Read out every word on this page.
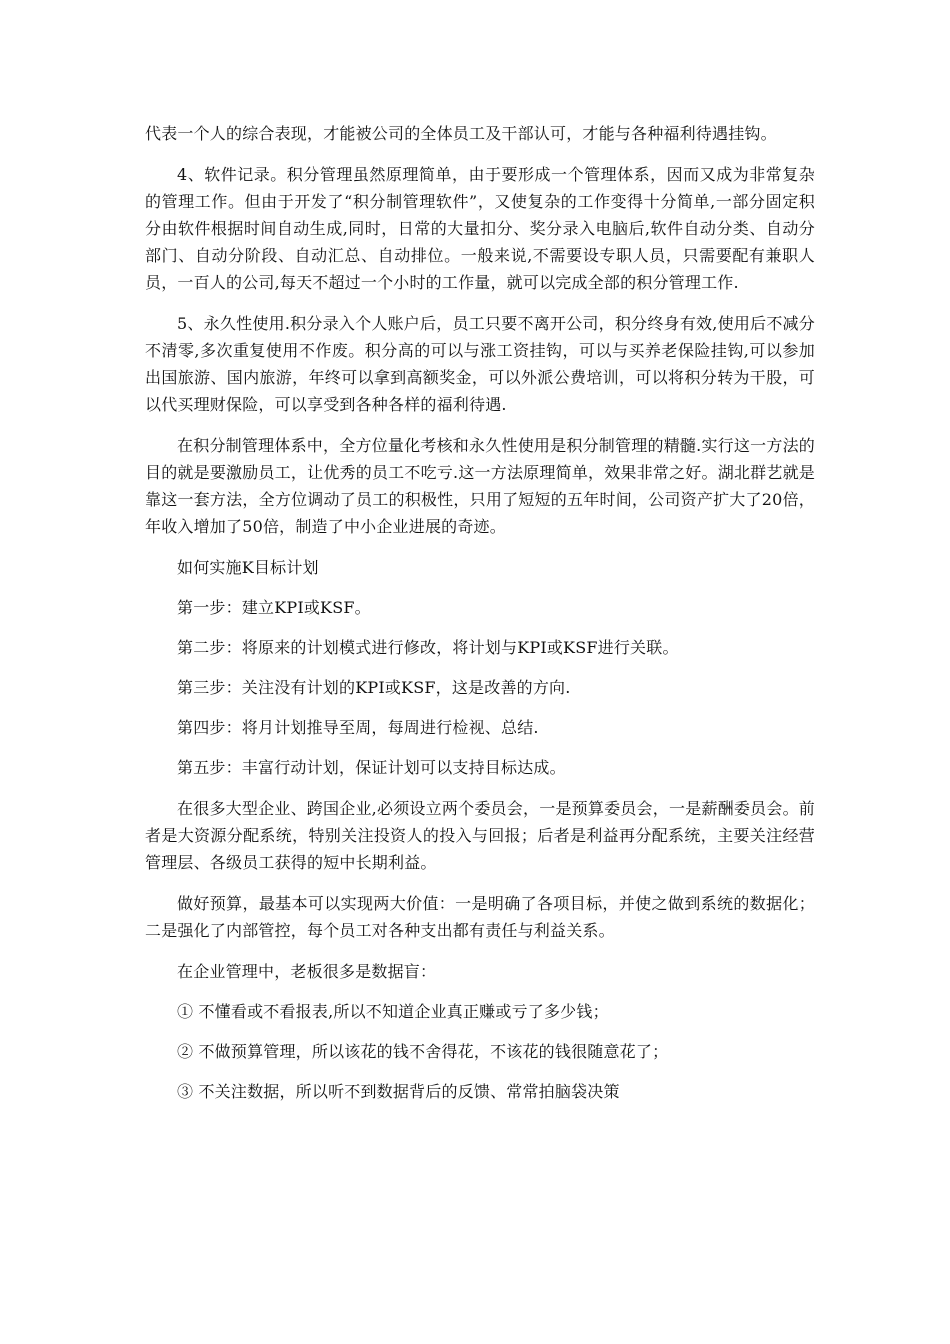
代表一个人的综合表现，才能被公司的全体员工及干部认可，才能与各种福利待遇挂钩。

4、软件记录。积分管理虽然原理简单，由于要形成一个管理体系，因而又成为非常复杂的管理工作。但由于开发了“积分制管理软件”，又使复杂的工作变得十分简单,一部分固定积分由软件根据时间自动生成,同时，日常的大量扣分、奖分录入电脑后,软件自动分类、自动分部门、自动分阶段、自动汇总、自动排位。一般来说,不需要设专职人员，只需要配有兼职人员，一百人的公司,每天不超过一个小时的工作量，就可以完成全部的积分管理工作.

5、永久性使用.积分录入个人账户后，员工只要不离开公司，积分终身有效,使用后不减分不清零,多次重复使用不作废。积分高的可以与涨工资挂钩，可以与买养老保险挂钩,可以参加出国旅游、国内旅游，年终可以拿到高额奖金，可以外派公费培训，可以将积分转为干股，可以代买理财保险，可以享受到各种各样的福利待遇.

在积分制管理体系中，全方位量化考核和永久性使用是积分制管理的精髓.实行这一方法的目的就是要激励员工，让优秀的员工不吃亏.这一方法原理简单，效果非常之好。湖北群艺就是靠这一套方法，全方位调动了员工的积极性，只用了短短的五年时间，公司资产扩大了20倍，年收入增加了50倍，制造了中小企业进展的奇迹。

如何实施K目标计划

第一步：建立KPI或KSF。

第二步：将原来的计划模式进行修改，将计划与KPI或KSF进行关联。

第三步：关注没有计划的KPI或KSF，这是改善的方向.

第四步：将月计划推导至周，每周进行检视、总结.

第五步：丰富行动计划，保证计划可以支持目标达成。

在很多大型企业、跨国企业,必须设立两个委员会，一是预算委员会，一是薪酬委员会。前者是大资源分配系统，特别关注投资人的投入与回报；后者是利益再分配系统，主要关注经营管理层、各级员工获得的短中长期利益。

做好预算，最基本可以实现两大价值：一是明确了各项目标，并使之做到系统的数据化；二是强化了内部管控，每个员工对各种支出都有责任与利益关系。

在企业管理中，老板很多是数据盲：

① 不懂看或不看报表,所以不知道企业真正赚或亏了多少钱；

② 不做预算管理，所以该花的钱不舍得花，不该花的钱很随意花了；

③ 不关注数据，所以听不到数据背后的反馈、常常拍脑袋决策
